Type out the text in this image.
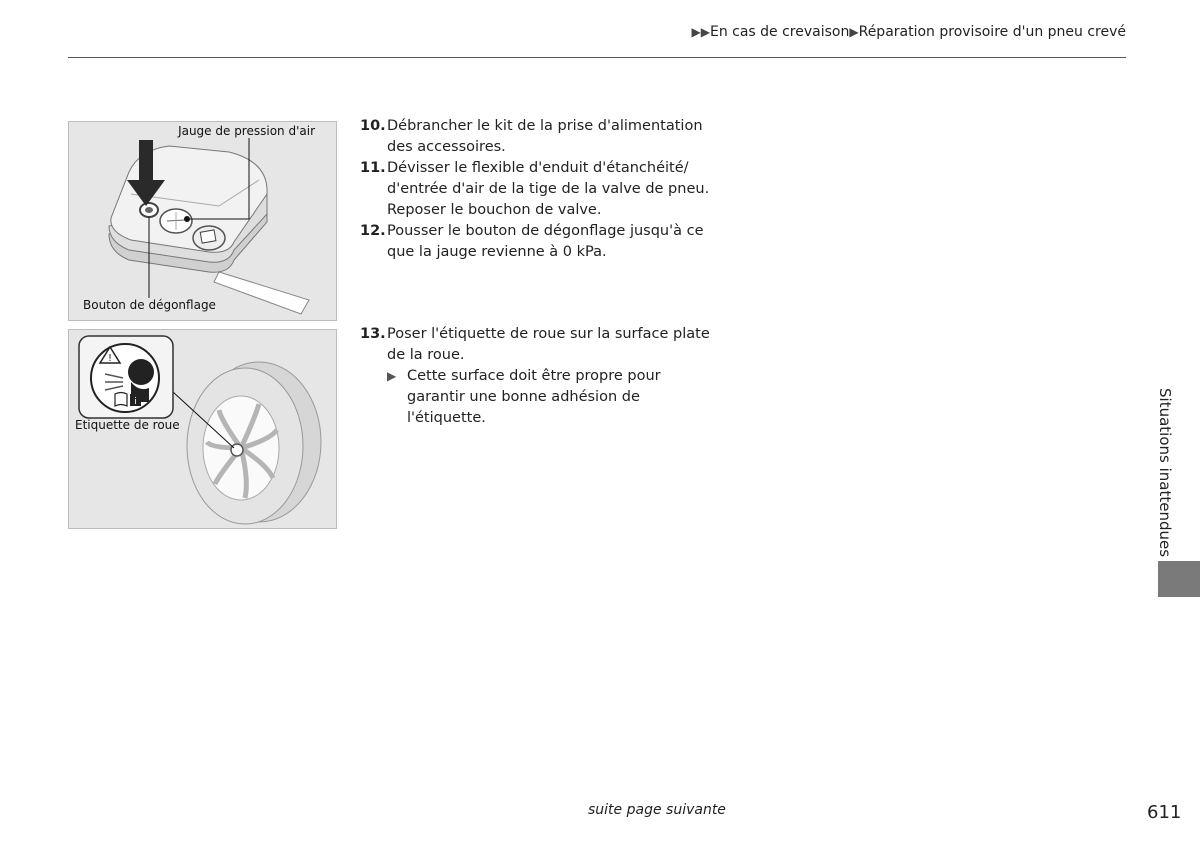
▶▶En cas de crevaison▶Réparation provisoire d'un pneu crevé
Jauge de pression d'air
Bouton de dégonflage
!
i
Etiquette de roue
10. Débrancher le kit de la prise d'alimentation des accessoires.
11. Dévisser le flexible d'enduit d'étanchéité/ d'entrée d'air de la tige de la valve de pneu. Reposer le bouchon de valve.
12. Pousser le bouton de dégonflage jusqu'à ce que la jauge revienne à 0 kPa.
13. Poser l'étiquette de roue sur la surface plate de la roue.
▶ Cette surface doit être propre pour garantir une bonne adhésion de l'étiquette.	Situations inattendues
suite page suivante	611
